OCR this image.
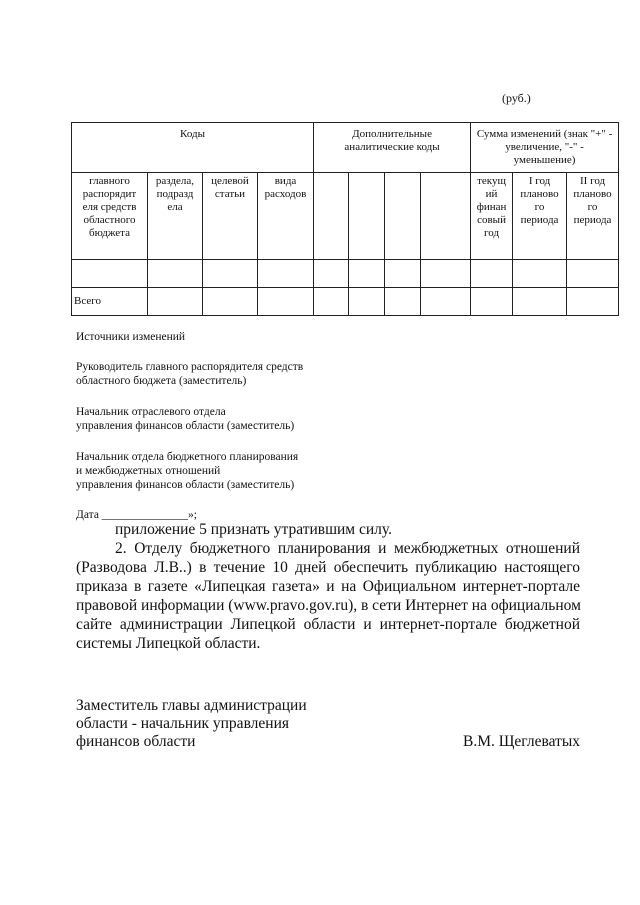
(руб.)
Коды				Дополнительные аналитические коды				Сумма изменений (знак "+" - увеличение, "-" - уменьшение)		
главного распорядит еля средств областного бюджета	раздела, подразд ела	целевой статьи	вида расходов					текущ ий финан совый год	I год планово го периода	II год планово го периода

Всего										
Источники изменений
Руководитель главного распорядителя средств
областного бюджета (заместитель)
Начальник отраслевого отдела
управления финансов области (заместитель)
Начальник отдела бюджетного планирования
и межбюджетных отношений
управления финансов области (заместитель)
Дата _______________»;
приложение 5 признать утратившим силу.
2. Отделу бюджетного планирования и межбюджетных отношений
(Разводова Л.В..) в течение 10 дней обеспечить публикацию настоящего
приказа в газете «Липецкая газета» и на Официальном интернет-портале
правовой информации (www.pravo.gov.ru), в сети Интернет на официальном
сайте администрации Липецкой области и интернет-портале бюджетной
системы Липецкой области.
Заместитель главы администрации
области - начальник управления
финансов области	В.М. Щеглеватых
